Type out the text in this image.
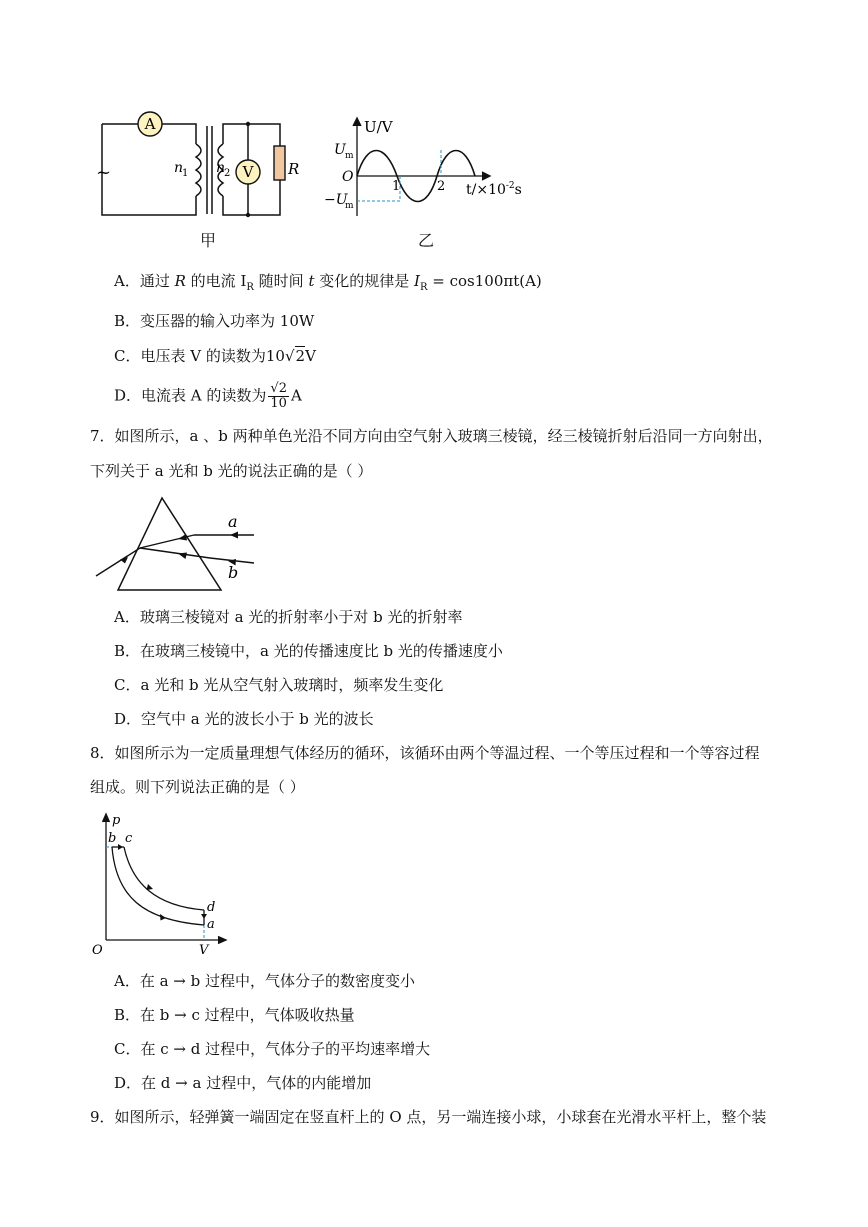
A
V
~	n
1 n
2	R
甲
U/V
U m
−U
m
O
1	2 $t/\times 10^{-2}s$
乙
A．通过 R 的电流 $I_R$ 随时间 t 变化的规律是 $I_R = \cos 100\pi t(A)$
B．变压器的输入功率为 10W
C．电压表 V 的读数为10√2V
D．电流表 A 的读数为 $\frac{√2}{10}$ A
7．如图所示，a 、b 两种单色光沿不同方向由空气射入玻璃三棱镜，经三棱镜折射后沿同一方向射出，
下列关于 a 光和 b 光的说法正确的是（ ）
a
b
A．玻璃三棱镜对 a 光的折射率小于对 b 光的折射率
B．在玻璃三棱镜中，a 光的传播速度比 b 光的传播速度小
C．a 光和 b 光从空气射入玻璃时，频率发生变化
D．空气中 a 光的波长小于 b 光的波长
8．如图所示为一定质量理想气体经历的循环，该循环由两个等温过程、一个等压过程和一个等容过程
组成。则下列说法正确的是（ ）
p
b c
d
a
O	V
A．在 a → b 过程中，气体分子的数密度变小
B．在 b → c 过程中，气体吸收热量
C．在 c → d 过程中，气体分子的平均速率增大
D．在 d → a 过程中，气体的内能增加
9．如图所示，轻弹簧一端固定在竖直杆上的 O 点，另一端连接小球，小球套在光滑水平杆上，整个装
